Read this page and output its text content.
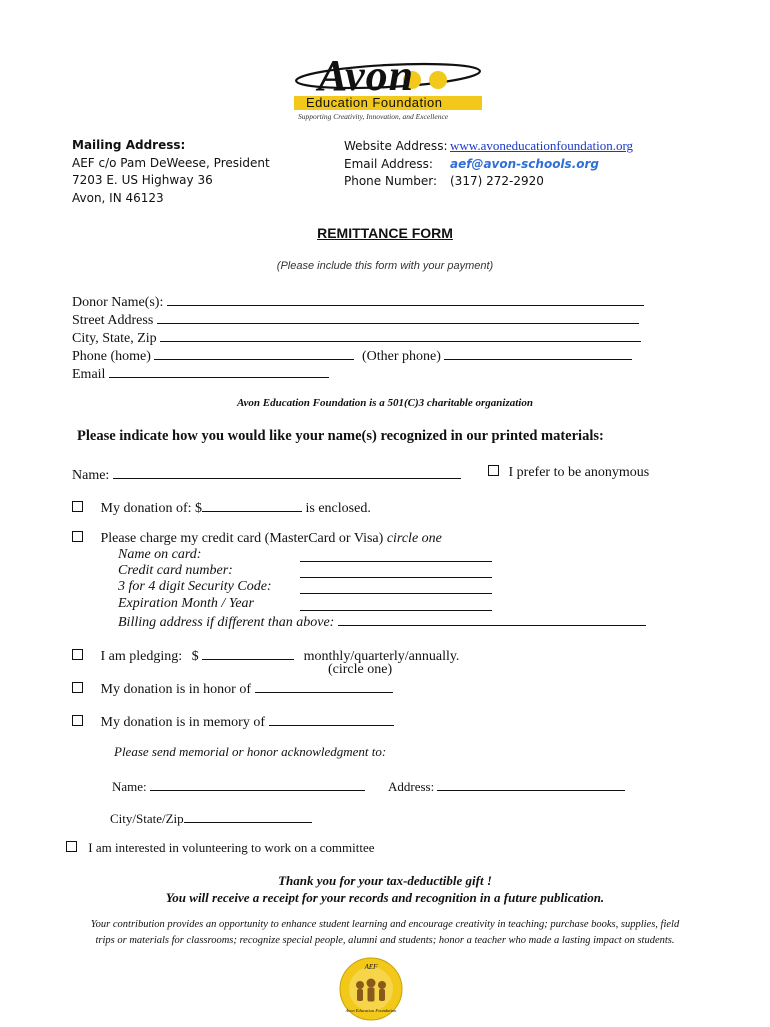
Avon
Education Foundation
Supporting Creativity, Innovation, and Excellence
Mailing Address:
AEF c/o Pam DeWeese, President
7203 E. US Highway 36
Avon, IN 46123
Website Address: www.avoneducationfoundation.org
Email Address: aef@avon-schools.org
Phone Number: (317) 272-2920
REMITTANCE FORM
(Please include this form with your payment)
Donor Name(s):
Street Address
City, State, Zip
Phone (home)	(Other phone)
Email
Avon Education Foundation is a 501(C)3 charitable organization
Please indicate how you would like your name(s) recognized in our printed materials:
Name:	I prefer to be anonymous
My donation of: $	is enclosed.
Please charge my credit card (MasterCard or Visa) circle one
Name on card:
Credit card number:
3 for 4 digit Security Code:
Expiration Month / Year
Billing address if different than above:
I am pledging: $	monthly/quarterly/annually.
(circle one)
My donation is in honor of
My donation is in memory of
Please send memorial or honor acknowledgment to:
Name:	Address:
City/State/Zip
I am interested in volunteering to work on a committee
Thank you for your tax-deductible gift !
You will receive a receipt for your records and recognition in a future publication.
Your contribution provides an opportunity to enhance student learning and encourage creativity in teaching; purchase books, supplies, field
trips or materials for classrooms; recognize special people, alumni and students; honor a teacher who made a lasting impact on students.
AEF
Avon Education Foundation
